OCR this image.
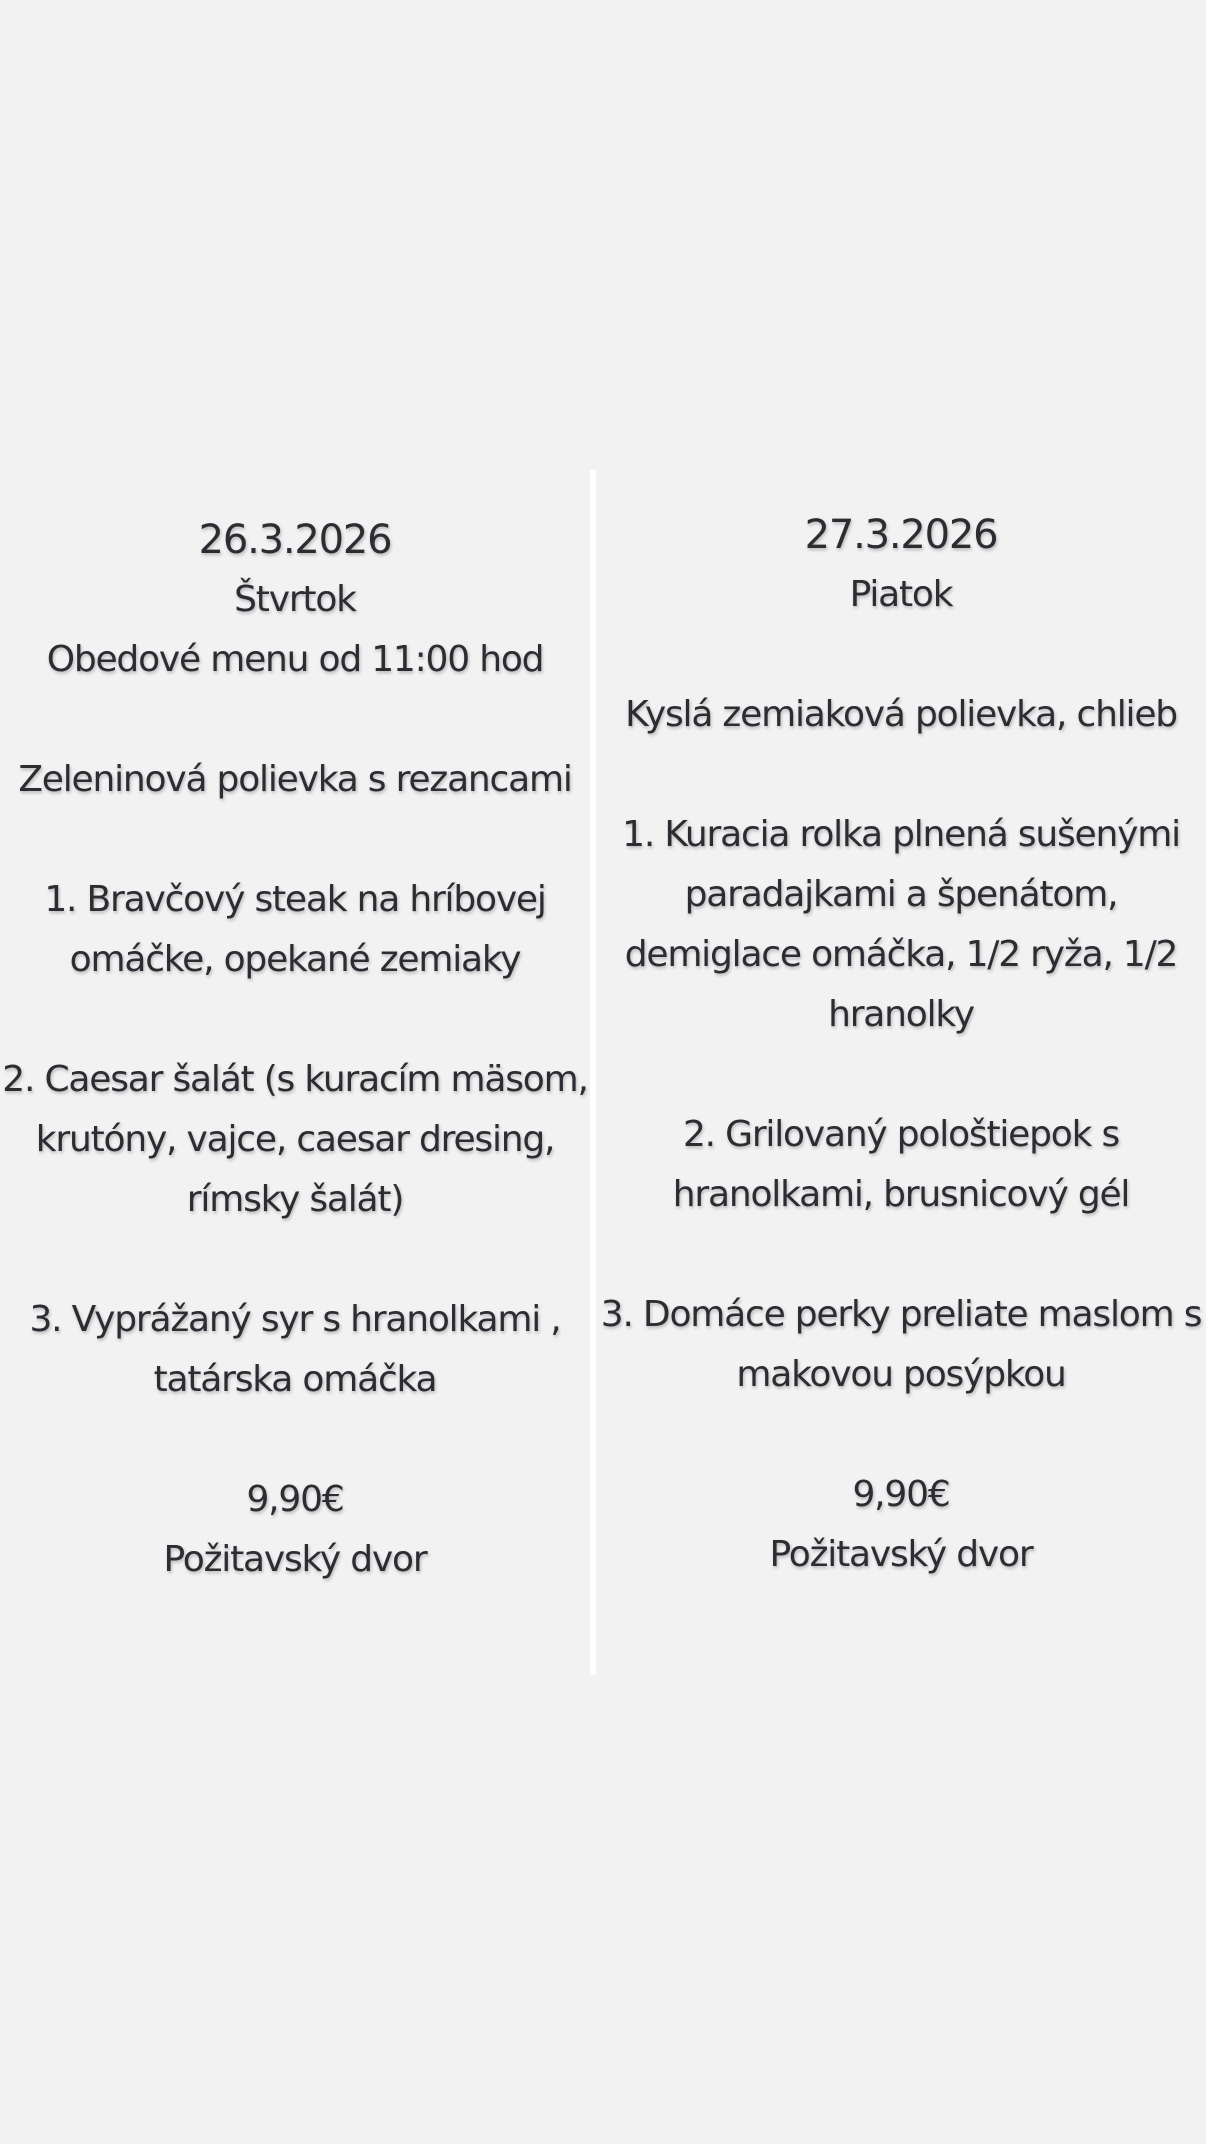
26.3.2026
Štvrtok
Obedové menu od 11:00 hod
Zeleninová polievka s rezancami
1. Bravčový steak na hríbovej
omáčke, opekané zemiaky
2. Caesar šalát (s kuracím mäsom,
krutóny, vajce, caesar dresing,
rímsky šalát)
3. Vyprážaný syr s hranolkami ,
tatárska omáčka
9,90€
Požitavský dvor
27.3.2026
Piatok
Kyslá zemiaková polievka, chlieb
1. Kuracia rolka plnená sušenými
paradajkami a špenátom,
demiglace omáčka, 1/2 ryža, 1/2
hranolky
2. Grilovaný pološtiepok s
hranolkami, brusnicový gél
3. Domáce perky preliate maslom s
makovou posýpkou
9,90€
Požitavský dvor
